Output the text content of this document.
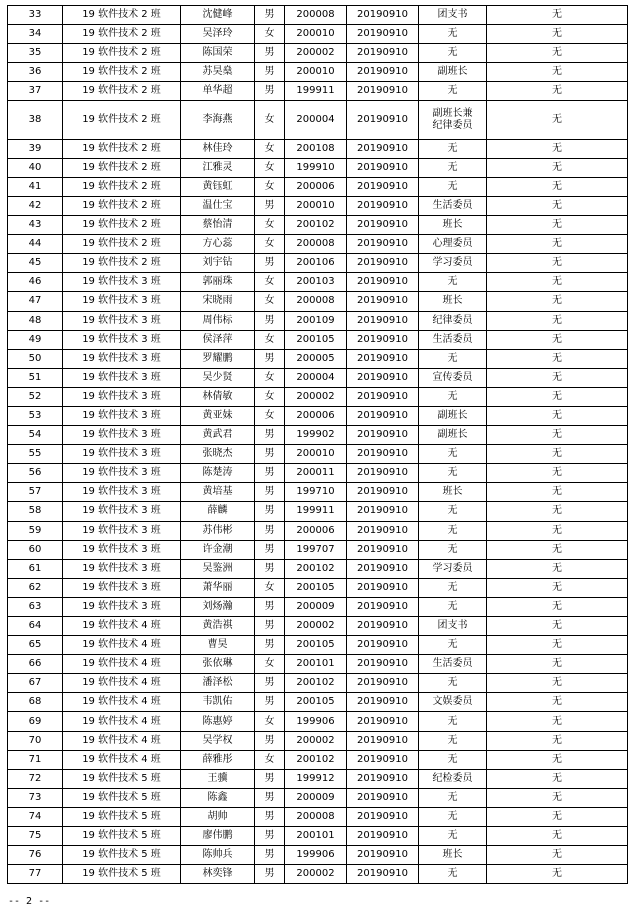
33	19 软件技术 2 班	沈健峰	男	200008	20190910	团支书	无
34	19 软件技术 2 班	吴泽玲	女	200010	20190910	无	无
35	19 软件技术 2 班	陈国荣	男	200002	20190910	无	无
36	19 软件技术 2 班	苏昊燊	男	200010	20190910	副班长	无
37	19 软件技术 2 班	单华超	男	199911	20190910	无	无
38	19 软件技术 2 班	李海燕	女	200004	20190910	副班长兼
纪律委员	无
39	19 软件技术 2 班	林佳玲	女	200108	20190910	无	无
40	19 软件技术 2 班	江雅灵	女	199910	20190910	无	无
41	19 软件技术 2 班	黄钰虹	女	200006	20190910	无	无
42	19 软件技术 2 班	温仕宝	男	200010	20190910	生活委员	无
43	19 软件技术 2 班	蔡怡清	女	200102	20190910	班长	无
44	19 软件技术 2 班	方心蕊	女	200008	20190910	心理委员	无
45	19 软件技术 2 班	刘宇钻	男	200106	20190910	学习委员	无
46	19 软件技术 3 班	郭丽珠	女	200103	20190910	无	无
47	19 软件技术 3 班	宋晓雨	女	200008	20190910	班长	无
48	19 软件技术 3 班	周伟标	男	200109	20190910	纪律委员	无
49	19 软件技术 3 班	侯泽萍	女	200105	20190910	生活委员	无
50	19 软件技术 3 班	罗耀鹏	男	200005	20190910	无	无
51	19 软件技术 3 班	吴少贤	女	200004	20190910	宣传委员	无
52	19 软件技术 3 班	林倩敏	女	200002	20190910	无	无
53	19 软件技术 3 班	黄亚妹	女	200006	20190910	副班长	无
54	19 软件技术 3 班	黄武君	男	199902	20190910	副班长	无
55	19 软件技术 3 班	张晓杰	男	200010	20190910	无	无
56	19 软件技术 3 班	陈楚涛	男	200011	20190910	无	无
57	19 软件技术 3 班	黄培基	男	199710	20190910	班长	无
58	19 软件技术 3 班	薛麟	男	199911	20190910	无	无
59	19 软件技术 3 班	苏伟彬	男	200006	20190910	无	无
60	19 软件技术 3 班	许金潮	男	199707	20190910	无	无
61	19 软件技术 3 班	吴鉴洲	男	200102	20190910	学习委员	无
62	19 软件技术 3 班	萧华丽	女	200105	20190910	无	无
63	19 软件技术 3 班	刘炀瀚	男	200009	20190910	无	无
64	19 软件技术 4 班	黄浩祺	男	200002	20190910	团支书	无
65	19 软件技术 4 班	曹昊	男	200105	20190910	无	无
66	19 软件技术 4 班	张依琳	女	200101	20190910	生活委员	无
67	19 软件技术 4 班	潘泽松	男	200102	20190910	无	无
68	19 软件技术 4 班	韦凯佑	男	200105	20190910	文娱委员	无
69	19 软件技术 4 班	陈惠婷	女	199906	20190910	无	无
70	19 软件技术 4 班	吴学权	男	200002	20190910	无	无
71	19 软件技术 4 班	薛雅彤	女	200102	20190910	无	无
72	19 软件技术 5 班	王骥	男	199912	20190910	纪检委员	无
73	19 软件技术 5 班	陈鑫	男	200009	20190910	无	无
74	19 软件技术 5 班	胡帅	男	200008	20190910	无	无
75	19 软件技术 5 班	廖伟鹏	男	200101	20190910	无	无
76	19 软件技术 5 班	陈帅兵	男	199906	20190910	班长	无
77	19 软件技术 5 班	林奕锋	男	200002	20190910	无	无
-- 2 --
